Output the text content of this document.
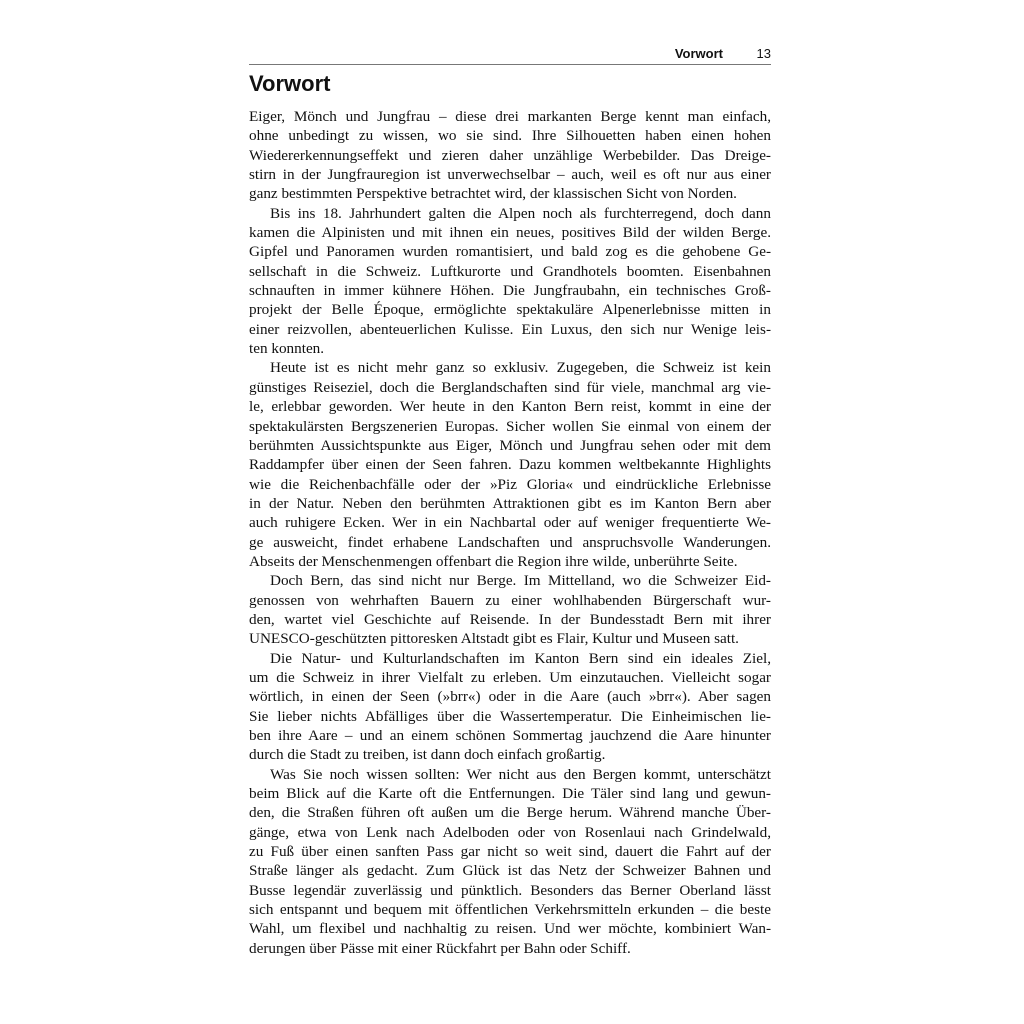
Vorwort	13
Vorwort
Eiger, Mönch und Jungfrau – diese drei markanten Berge kennt man einfach,
ohne unbedingt zu wissen, wo sie sind. Ihre Silhouetten haben einen hohen
Wiedererkennungseffekt und zieren daher unzählige Werbebilder. Das Dreige-
stirn in der Jungfrauregion ist unverwechselbar – auch, weil es oft nur aus einer
ganz bestimmten Perspektive betrachtet wird, der klassischen Sicht von Norden.
Bis ins 18. Jahrhundert galten die Alpen noch als furchterregend, doch dann
kamen die Alpinisten und mit ihnen ein neues, positives Bild der wilden Berge.
Gipfel und Panoramen wurden romantisiert, und bald zog es die gehobene Ge-
sellschaft in die Schweiz. Luftkurorte und Grandhotels boomten. Eisenbahnen
schnauften in immer kühnere Höhen. Die Jungfraubahn, ein technisches Groß-
projekt der Belle Époque, ermöglichte spektakuläre Alpenerlebnisse mitten in
einer reizvollen, abenteuerlichen Kulisse. Ein Luxus, den sich nur Wenige leis-
ten konnten.
Heute ist es nicht mehr ganz so exklusiv. Zugegeben, die Schweiz ist kein
günstiges Reiseziel, doch die Berglandschaften sind für viele, manchmal arg vie-
le, erlebbar geworden. Wer heute in den Kanton Bern reist, kommt in eine der
spektakulärsten Bergszenerien Europas. Sicher wollen Sie einmal von einem der
berühmten Aussichtspunkte aus Eiger, Mönch und Jungfrau sehen oder mit dem
Raddampfer über einen der Seen fahren. Dazu kommen weltbekannte Highlights
wie die Reichenbachfälle oder der »Piz Gloria« und eindrückliche Erlebnisse
in der Natur. Neben den berühmten Attraktionen gibt es im Kanton Bern aber
auch ruhigere Ecken. Wer in ein Nachbartal oder auf weniger frequentierte We-
ge ausweicht, findet erhabene Landschaften und anspruchsvolle Wanderungen.
Abseits der Menschenmengen offenbart die Region ihre wilde, unberührte Seite.
Doch Bern, das sind nicht nur Berge. Im Mittelland, wo die Schweizer Eid-
genossen von wehrhaften Bauern zu einer wohlhabenden Bürgerschaft wur-
den, wartet viel Geschichte auf Reisende. In der Bundesstadt Bern mit ihrer
UNESCO-geschützten pittoresken Altstadt gibt es Flair, Kultur und Museen satt.
Die Natur- und Kulturlandschaften im Kanton Bern sind ein ideales Ziel,
um die Schweiz in ihrer Vielfalt zu erleben. Um einzutauchen. Vielleicht sogar
wörtlich, in einen der Seen (»brr«) oder in die Aare (auch »brr«). Aber sagen
Sie lieber nichts Abfälliges über die Wassertemperatur. Die Einheimischen lie-
ben ihre Aare – und an einem schönen Sommertag jauchzend die Aare hinunter
durch die Stadt zu treiben, ist dann doch einfach großartig.
Was Sie noch wissen sollten: Wer nicht aus den Bergen kommt, unterschätzt
beim Blick auf die Karte oft die Entfernungen. Die Täler sind lang und gewun-
den, die Straßen führen oft außen um die Berge herum. Während manche Über-
gänge, etwa von Lenk nach Adelboden oder von Rosenlaui nach Grindelwald,
zu Fuß über einen sanften Pass gar nicht so weit sind, dauert die Fahrt auf der
Straße länger als gedacht. Zum Glück ist das Netz der Schweizer Bahnen und
Busse legendär zuverlässig und pünktlich. Besonders das Berner Oberland lässt
sich entspannt und bequem mit öffentlichen Verkehrsmitteln erkunden – die beste
Wahl, um flexibel und nachhaltig zu reisen. Und wer möchte, kombiniert Wan-
derungen über Pässe mit einer Rückfahrt per Bahn oder Schiff.
